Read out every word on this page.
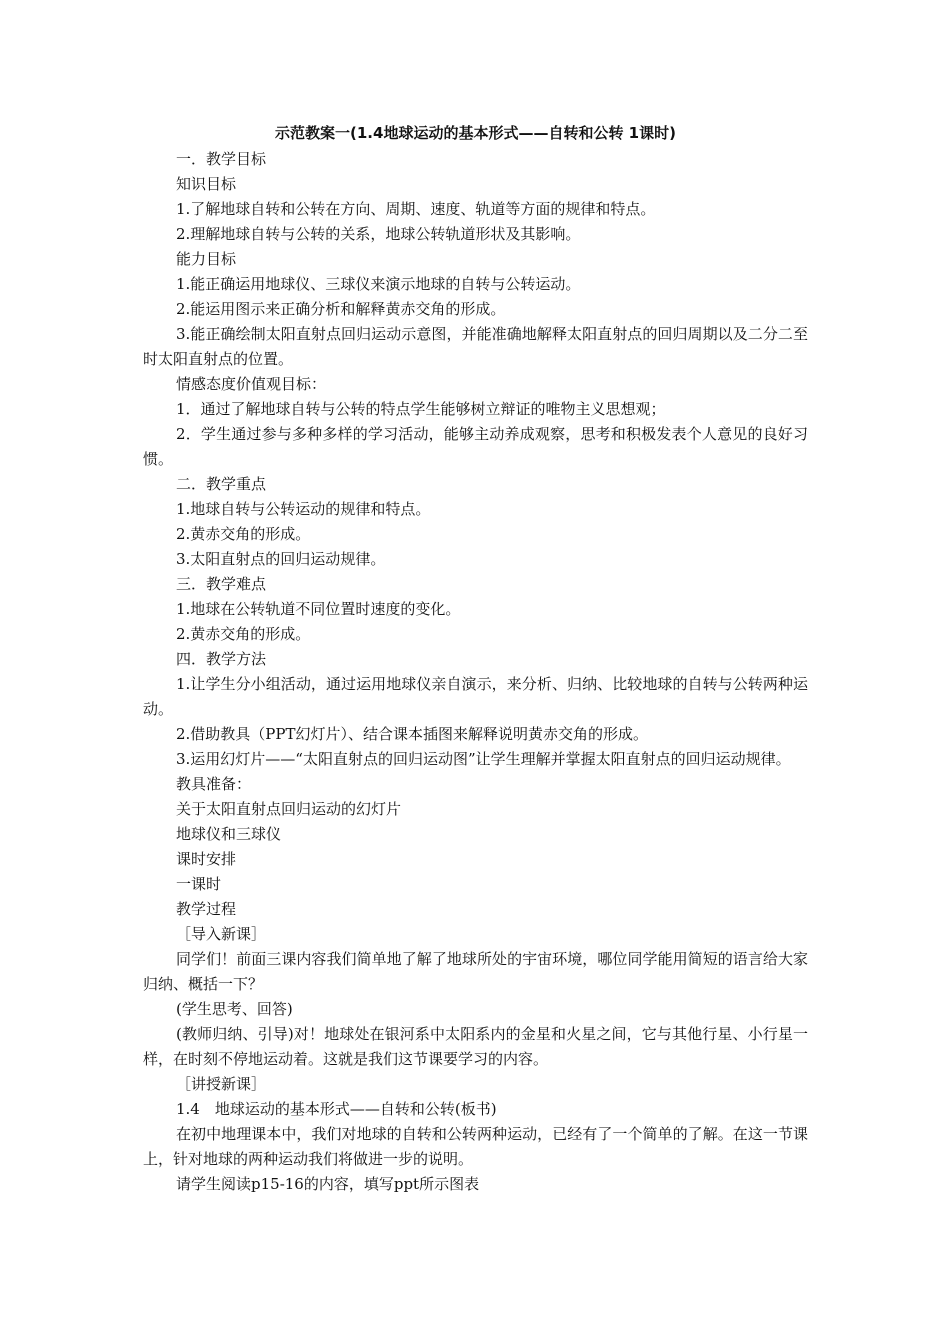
示范教案一(1.4地球运动的基本形式——自转和公转 1课时)

一．教学目标

知识目标

1.了解地球自转和公转在方向、周期、速度、轨道等方面的规律和特点。

2.理解地球自转与公转的关系，地球公转轨道形状及其影响。

能力目标

1.能正确运用地球仪、三球仪来演示地球的自转与公转运动。

2.能运用图示来正确分析和解释黄赤交角的形成。

3.能正确绘制太阳直射点回归运动示意图，并能准确地解释太阳直射点的回归周期以及二分二至时太阳直射点的位置。

情感态度价值观目标：

1．通过了解地球自转与公转的特点学生能够树立辩证的唯物主义思想观；

2．学生通过参与多种多样的学习活动，能够主动养成观察，思考和积极发表个人意见的良好习惯。

二．教学重点

1.地球自转与公转运动的规律和特点。

2.黄赤交角的形成。

3.太阳直射点的回归运动规律。

三．教学难点

1.地球在公转轨道不同位置时速度的变化。

2.黄赤交角的形成。

四．教学方法

1.让学生分小组活动，通过运用地球仪亲自演示，来分析、归纳、比较地球的自转与公转两种运动。

2.借助教具（PPT幻灯片）、结合课本插图来解释说明黄赤交角的形成。

3.运用幻灯片——“太阳直射点的回归运动图”让学生理解并掌握太阳直射点的回归运动规律。

教具准备：

关于太阳直射点回归运动的幻灯片

地球仪和三球仪

课时安排

一课时

教学过程

［导入新课］

同学们！前面三课内容我们简单地了解了地球所处的宇宙环境，哪位同学能用简短的语言给大家归纳、概括一下？

(学生思考、回答)

(教师归纳、引导)对！地球处在银河系中太阳系内的金星和火星之间，它与其他行星、小行星一样，在时刻不停地运动着。这就是我们这节课要学习的内容。

［讲授新课］

1.4　地球运动的基本形式——自转和公转(板书)

在初中地理课本中，我们对地球的自转和公转两种运动，已经有了一个简单的了解。在这一节课上，针对地球的两种运动我们将做进一步的说明。

请学生阅读p15-16的内容，填写ppt所示图表
